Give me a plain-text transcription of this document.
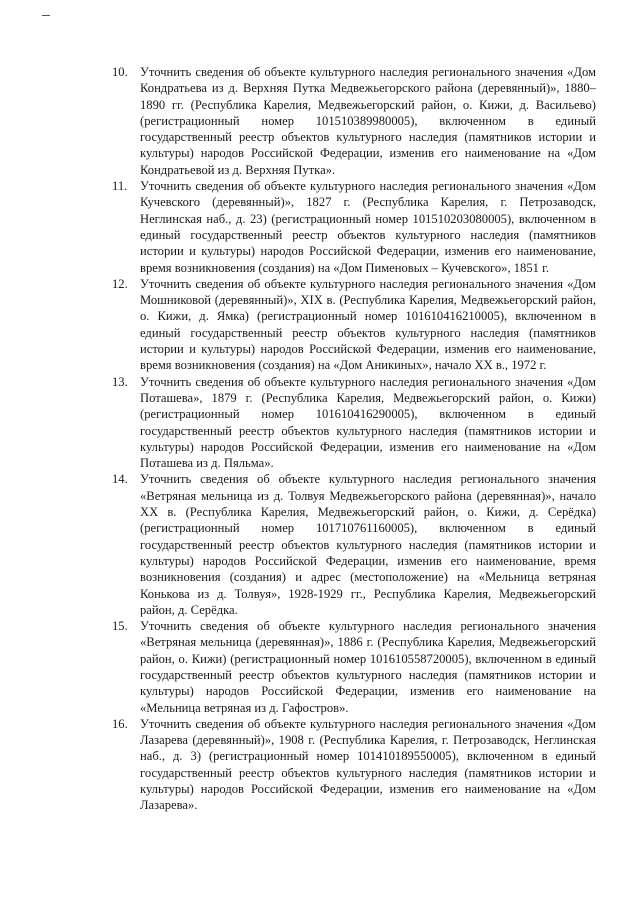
10. Уточнить сведения об объекте культурного наследия регионального значения «Дом Кондратьева из д. Верхняя Путка Медвежьегорского района (деревянный)», 1880–1890 гг. (Республика Карелия, Медвежьегорский район, о. Кижи, д. Васильево) (регистрационный номер 101510389980005), включенном в единый государственный реестр объектов культурного наследия (памятников истории и культуры) народов Российской Федерации, изменив его наименование на «Дом Кондратьевой из д. Верхняя Путка».
11.	Уточнить сведения об объекте культурного наследия регионального значения «Дом Кучевского (деревянный)», 1827 г. (Республика Карелия, г. Петрозаводск, Неглинская наб., д. 23) (регистрационный номер 101510203080005), включенном в единый государственный реестр объектов культурного наследия (памятников истории и культуры) народов Российской Федерации, изменив его наименование, время возникновения (создания) на «Дом Пименовых – Кучевского», 1851 г.
12. Уточнить сведения об объекте культурного наследия регионального значения «Дом Мошниковой (деревянный)», XIX в. (Республика Карелия, Медвежьегорский район, о. Кижи, д. Ямка) (регистрационный номер 101610416210005), включенном в единый государственный реестр объектов культурного наследия (памятников истории и культуры) народов Российской Федерации, изменив его наименование, время возникновения (создания) на «Дом Аникиных», начало XX в., 1972 г.
13. Уточнить сведения об объекте культурного наследия регионального значения «Дом Поташева», 1879 г. (Республика Карелия, Медвежьегорский район, о. Кижи) (регистрационный номер 101610416290005), включенном в единый государственный реестр объектов культурного наследия (памятников истории и культуры) народов Российской Федерации, изменив его наименование на «Дом Поташева из д. Пяльма».
14. Уточнить сведения об объекте культурного наследия регионального значения «Ветряная мельница из д. Толвуя Медвежьегорского района (деревянная)», начало XX в. (Республика Карелия, Медвежьегорский район, о. Кижи, д. Серёдка) (регистрационный номер 101710761160005), включенном в единый государственный реестр объектов культурного наследия (памятников истории и культуры) народов Российской Федерации, изменив его наименование, время возникновения (создания) и адрес (местоположение) на «Мельница ветряная Конькова из д. Толвуя», 1928-1929 гг., Республика Карелия, Медвежьегорский район, д. Серёдка.
15. Уточнить сведения об объекте культурного наследия регионального значения «Ветряная мельница (деревянная)», 1886 г. (Республика Карелия, Медвежьегорский район, о. Кижи) (регистрационный номер 101610558720005), включенном в единый государственный реестр объектов культурного наследия (памятников истории и культуры) народов Российской Федерации, изменив его наименование на «Мельница ветряная из д. Гафостров».
16. Уточнить сведения об объекте культурного наследия регионального значения «Дом Лазарева (деревянный)», 1908 г. (Республика Карелия, г. Петрозаводск, Неглинская наб., д. 3) (регистрационный номер 101410189550005), включенном в единый государственный реестр объектов культурного наследия (памятников истории и культуры) народов Российской Федерации, изменив его наименование на «Дом Лазарева».
